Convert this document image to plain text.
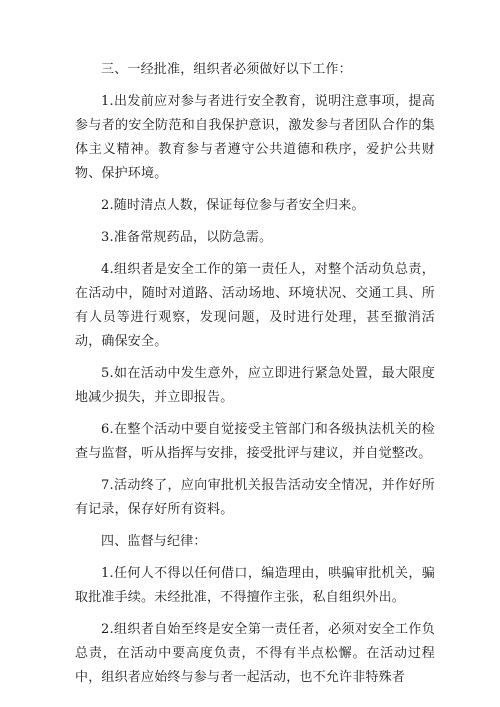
三、一经批准，组织者必须做好以下工作：

1.出发前应对参与者进行安全教育，说明注意事项，提高参与者的安全防范和自我保护意识，激发参与者团队合作的集体主义精神。教育参与者遵守公共道德和秩序，爱护公共财物、保护环境。

2.随时清点人数，保证每位参与者安全归来。

3.准备常规药品，以防急需。

4.组织者是安全工作的第一责任人，对整个活动负总责，在活动中，随时对道路、活动场地、环境状况、交通工具、所有人员等进行观察，发现问题，及时进行处理，甚至撤消活动，确保安全。

5.如在活动中发生意外，应立即进行紧急处置，最大限度地减少损失，并立即报告。

6.在整个活动中要自觉接受主管部门和各级执法机关的检查与监督，听从指挥与安排，接受批评与建议，并自觉整改。

7.活动终了，应向审批机关报告活动安全情况，并作好所有记录，保存好所有资料。

四、监督与纪律：

1.任何人不得以任何借口，编造理由，哄骗审批机关，骗取批准手续。未经批准，不得擅作主张，私自组织外出。

2.组织者自始至终是安全第一责任者，必须对安全工作负总责，在活动中要高度负责，不得有半点松懈。在活动过程中，组织者应始终与参与者一起活动，也不允许非特殊者
